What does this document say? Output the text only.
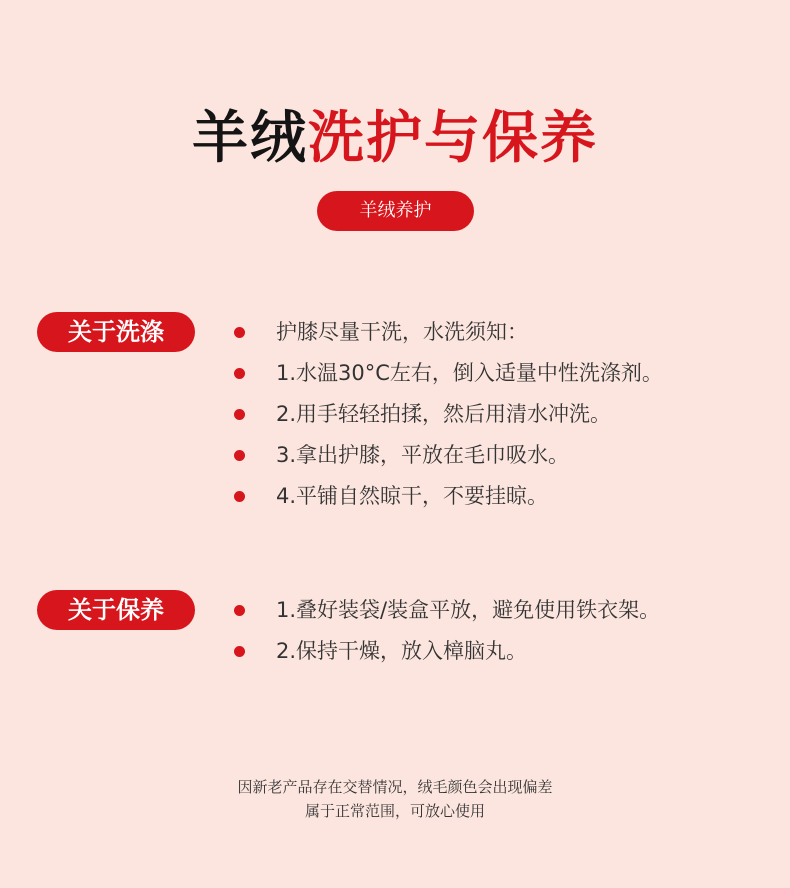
羊绒洗护与保养
羊绒养护
关于洗涤	护膝尽量干洗，水洗须知：
1.水温30°C左右，倒入适量中性洗涤剂。
2.用手轻轻拍揉，然后用清水冲洗。
3.拿出护膝，平放在毛巾吸水。
4.平铺自然晾干，不要挂晾。
关于保养	1.叠好装袋/装盒平放，避免使用铁衣架。
2.保持干燥，放入樟脑丸。
因新老产品存在交替情况，绒毛颜色会出现偏差
属于正常范围，可放心使用
